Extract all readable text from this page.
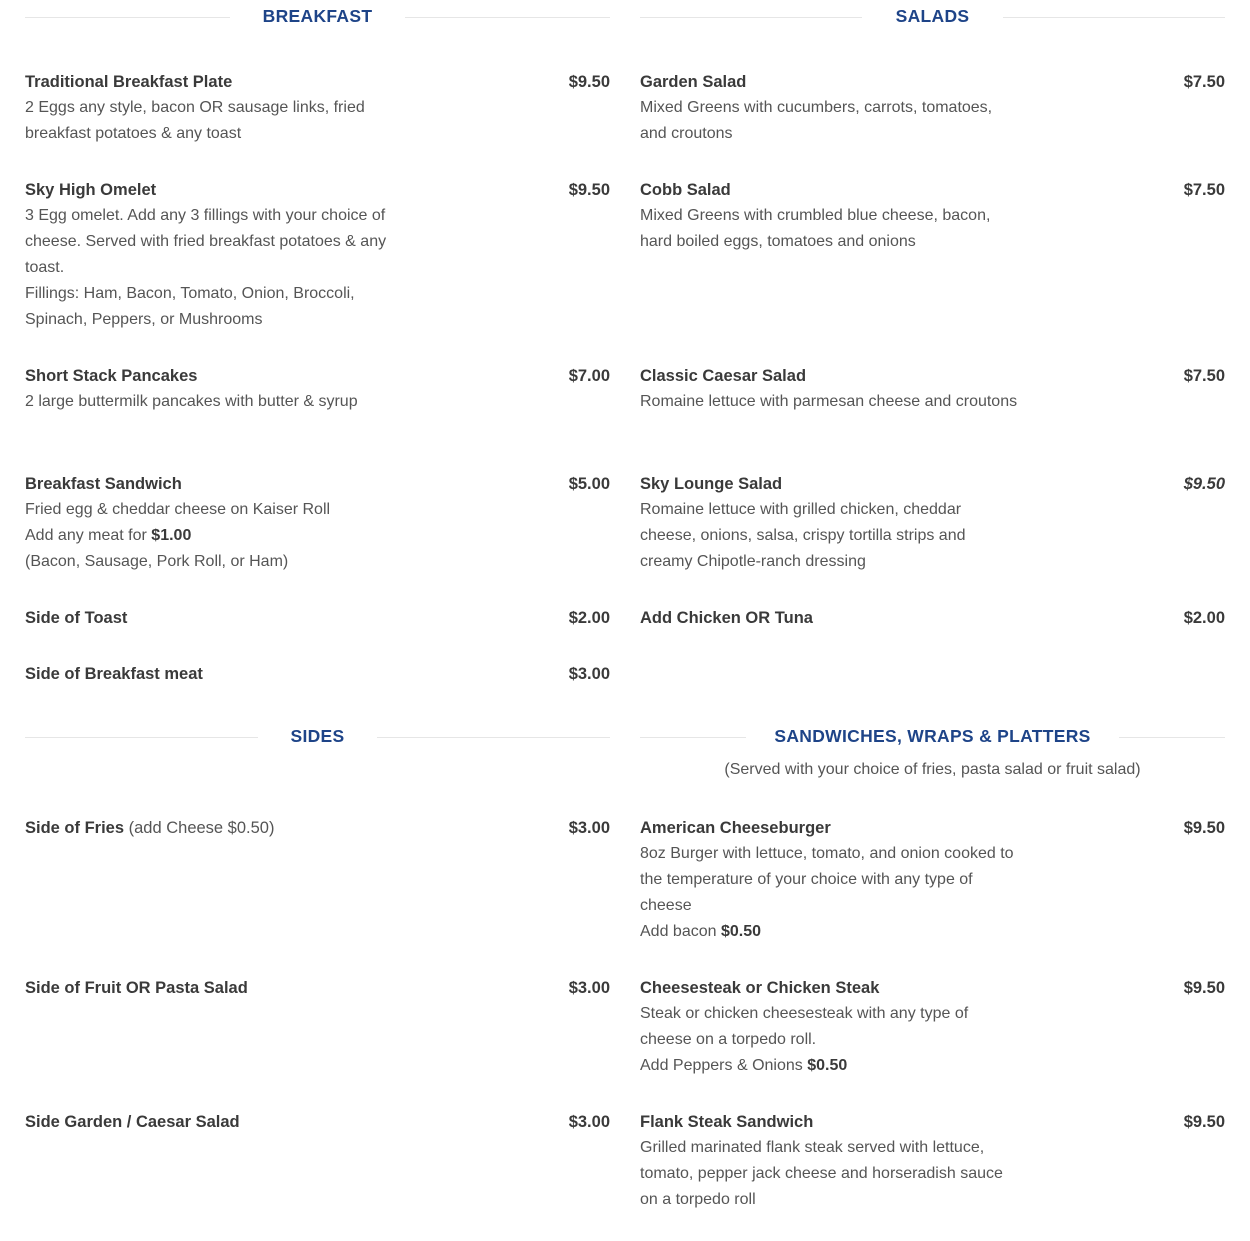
BREAKFAST
Traditional Breakfast Plate	$9.50
2 Eggs any style, bacon OR sausage links, fried breakfast potatoes & any toast
Sky High Omelet	$9.50
3 Egg omelet. Add any 3 fillings with your choice of cheese. Served with fried breakfast potatoes & any toast.
Fillings: Ham, Bacon, Tomato, Onion, Broccoli, Spinach, Peppers, or Mushrooms
Short Stack Pancakes	$7.00
2 large buttermilk pancakes with butter & syrup
Breakfast Sandwich	$5.00
Fried egg & cheddar cheese on Kaiser Roll
Add any meat for $1.00
(Bacon, Sausage, Pork Roll, or Ham)
Side of Toast	$2.00
Side of Breakfast meat	$3.00
SALADS
Garden Salad	$7.50
Mixed Greens with cucumbers, carrots, tomatoes, and croutons
Cobb Salad	$7.50
Mixed Greens with crumbled blue cheese, bacon, hard boiled eggs, tomatoes and onions
Classic Caesar Salad	$7.50
Romaine lettuce with parmesan cheese and croutons
Sky Lounge Salad	$9.50
Romaine lettuce with grilled chicken, cheddar cheese, onions, salsa, crispy tortilla strips and creamy Chipotle-ranch dressing
Add Chicken OR Tuna	$2.00
SIDES
Side of Fries (add Cheese $0.50)	$3.00
Side of Fruit OR Pasta Salad	$3.00
Side Garden / Caesar Salad	$3.00
SANDWICHES, WRAPS & PLATTERS
(Served with your choice of fries, pasta salad or fruit salad)
American Cheeseburger	$9.50
8oz Burger with lettuce, tomato, and onion cooked to the temperature of your choice with any type of cheese
Add bacon $0.50
Cheesesteak or Chicken Steak	$9.50
Steak or chicken cheesesteak with any type of cheese on a torpedo roll.
Add Peppers & Onions $0.50
Flank Steak Sandwich	$9.50
Grilled marinated flank steak served with lettuce, tomato, pepper jack cheese and horseradish sauce on a torpedo roll
